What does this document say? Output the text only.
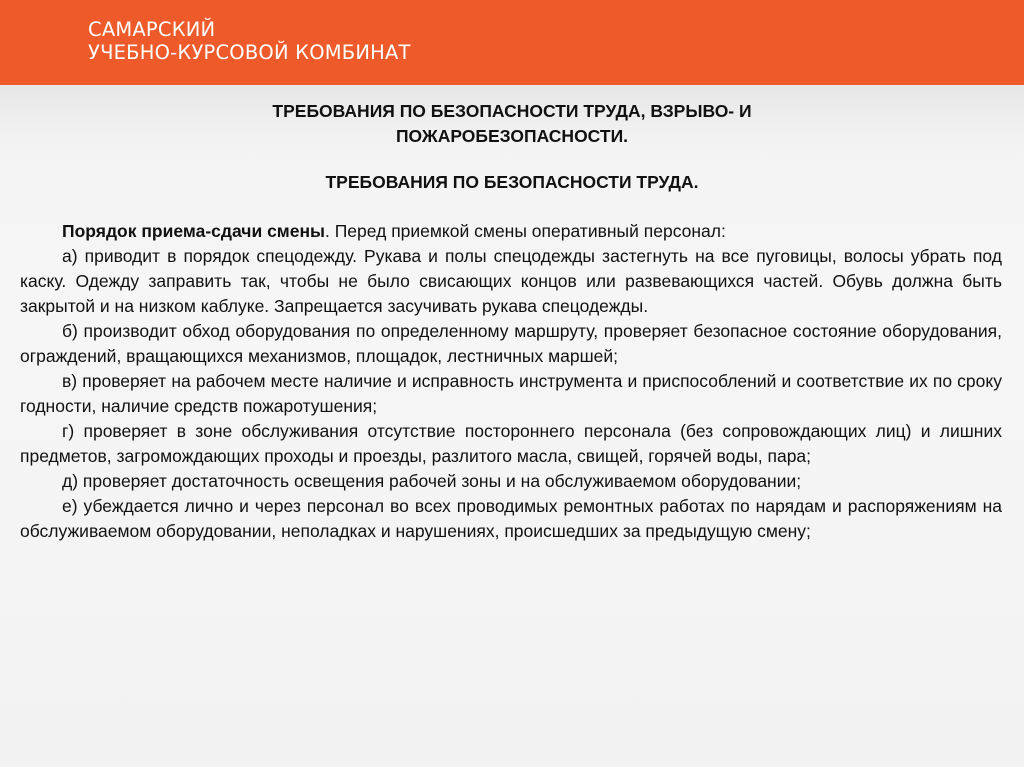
САМАРСКИЙ
УЧЕБНО-КУРСОВОЙ КОМБИНАТ
ТРЕБОВАНИЯ ПО БЕЗОПАСНОСТИ ТРУДА, ВЗРЫВО- И
ПОЖАРОБЕЗОПАСНОСТИ.
ТРЕБОВАНИЯ ПО БЕЗОПАСНОСТИ ТРУДА.

Порядок приема-сдачи смены. Перед приемкой смены оперативный персонал:

а) приводит в порядок спецодежду. Рукава и полы спецодежды застегнуть на все пуговицы, волосы убрать под каску. Одежду заправить так, чтобы не было свисающих концов или развевающихся частей. Обувь должна быть закрытой и на низком каблуке. Запрещается засучивать рукава спецодежды.

б) производит обход оборудования по определенному маршруту, проверяет безопасное состояние оборудования, ограждений, вращающихся механизмов, площадок, лестничных маршей;

в) проверяет на рабочем месте наличие и исправность инструмента и приспособлений и соответствие их по сроку годности, наличие средств пожаротушения;

г) проверяет в зоне обслуживания отсутствие постороннего персонала (без сопровождающих лиц) и лишних предметов, загромождающих проходы и проезды, разлитого масла, свищей, горячей воды, пара;

д) проверяет достаточность освещения рабочей зоны и на обслуживаемом оборудовании;

е) убеждается лично и через персонал во всех проводимых ремонтных работах по нарядам и распоряжениям на обслуживаемом оборудовании, неполадках и нарушениях, происшедших за предыдущую смену;
